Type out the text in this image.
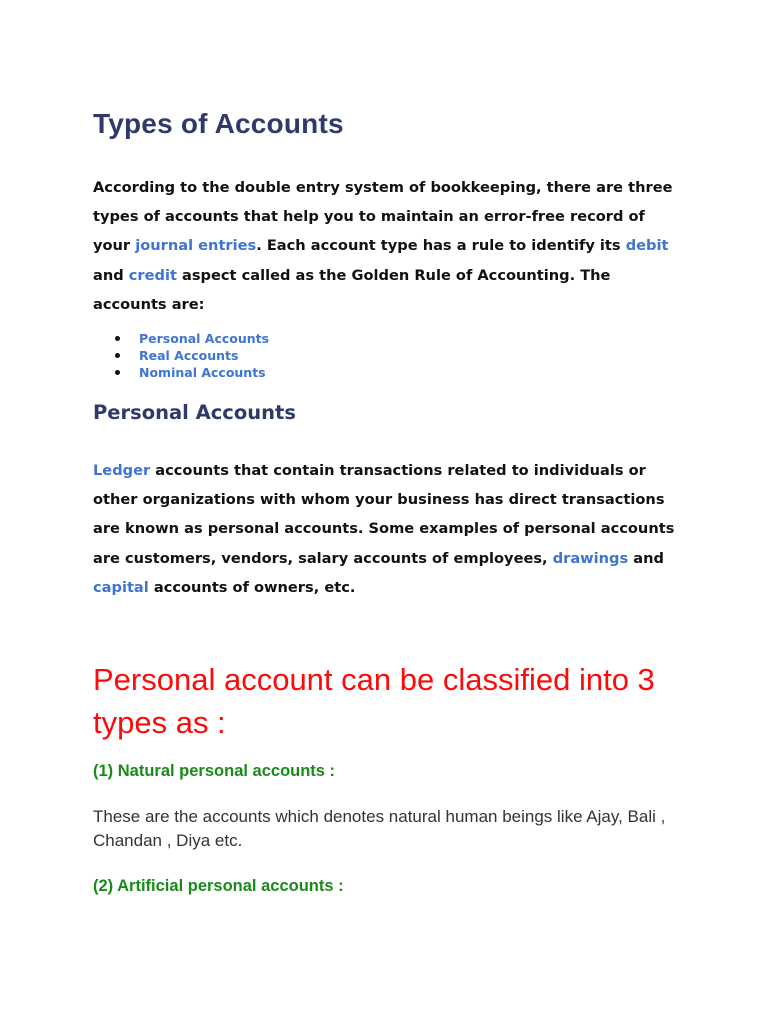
Types of Accounts

According to the double entry system of bookkeeping, there are three types of accounts that help you to maintain an error-free record of your journal entries. Each account type has a rule to identify its debit and credit aspect called as the Golden Rule of Accounting. The accounts are:

Personal Accounts
Real Accounts
Nominal Accounts
Personal Accounts

Ledger accounts that contain transactions related to individuals or other organizations with whom your business has direct transactions are known as personal accounts. Some examples of personal accounts are customers, vendors, salary accounts of employees, drawings and capital accounts of owners, etc.

Personal account can be classified into 3 types as :

(1) Natural personal accounts :

These are the accounts which denotes natural human beings like Ajay, Bali , Chandan , Diya etc.

(2) Artificial personal accounts :
